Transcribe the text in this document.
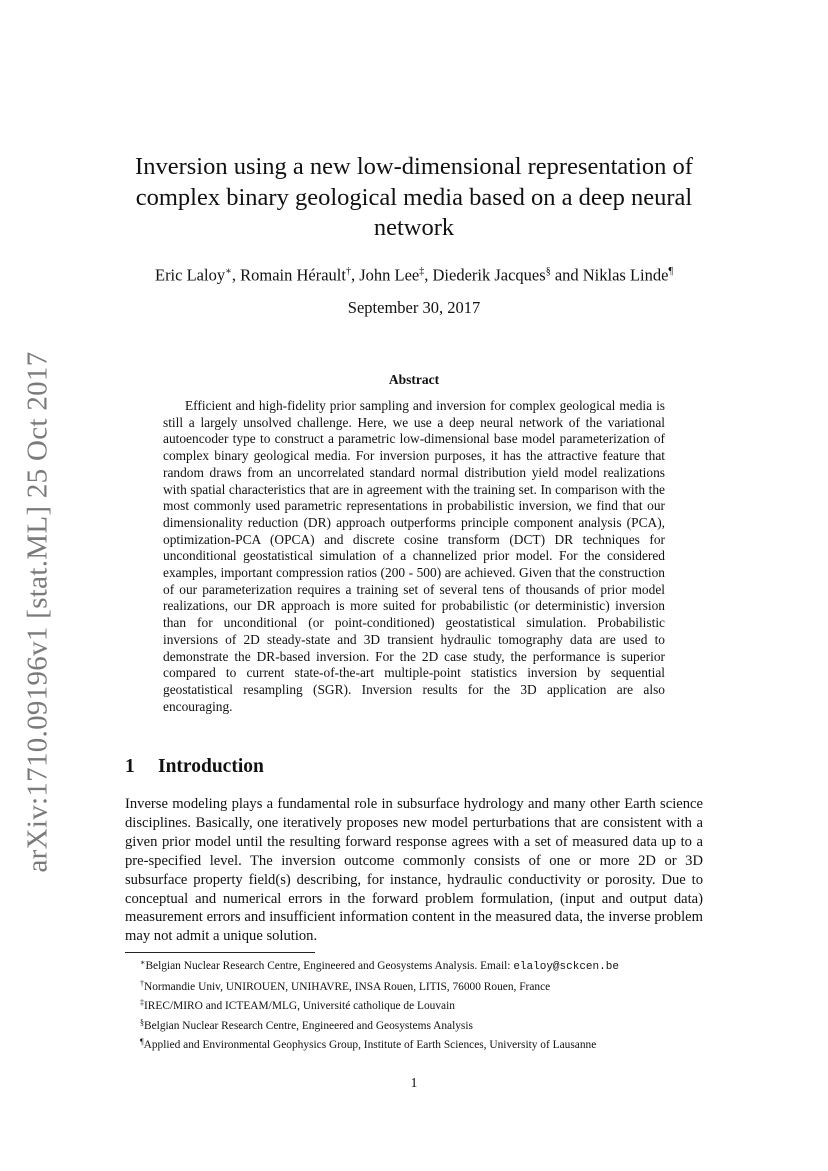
arXiv:1710.09196v1 [stat.ML] 25 Oct 2017
Inversion using a new low-dimensional representation of
complex binary geological media based on a deep neural
network
Eric Laloy∗, Romain Hérault†, John Lee‡, Diederik Jacques§ and Niklas Linde¶
September 30, 2017
Abstract

Efficient and high-fidelity prior sampling and inversion for complex geological media is still a largely unsolved challenge. Here, we use a deep neural network of the variational autoencoder type to construct a parametric low-dimensional base model parameterization of complex binary geological media. For inversion purposes, it has the attractive feature that random draws from an uncorrelated standard normal distribution yield model realizations with spatial characteristics that are in agreement with the training set. In comparison with the most commonly used parametric representations in probabilistic inversion, we find that our dimensionality reduction (DR) approach outperforms principle component analysis (PCA), optimization-PCA (OPCA) and discrete cosine transform (DCT) DR techniques for unconditional geostatistical simulation of a channelized prior model. For the considered examples, important compression ratios (200 - 500) are achieved. Given that the construction of our parameterization requires a training set of several tens of thousands of prior model realizations, our DR approach is more suited for probabilistic (or deterministic) inversion than for unconditional (or point-conditioned) geostatistical simulation. Probabilistic inversions of 2D steady-state and 3D transient hydraulic tomography data are used to demonstrate the DR-based inversion. For the 2D case study, the performance is superior compared to current state-of-the-art multiple-point statistics inversion by sequential geostatistical resampling (SGR). Inversion results for the 3D application are also encouraging.

1 Introduction

Inverse modeling plays a fundamental role in subsurface hydrology and many other Earth science disciplines. Basically, one iteratively proposes new model perturbations that are consistent with a given prior model until the resulting forward response agrees with a set of measured data up to a pre-specified level. The inversion outcome commonly consists of one or more 2D or 3D subsurface property field(s) describing, for instance, hydraulic conductivity or porosity. Due to conceptual and numerical errors in the forward problem formulation, (input and output data) measurement errors and insufficient information content in the measured data, the inverse problem may not admit a unique solution.

∗Belgian Nuclear Research Centre, Engineered and Geosystems Analysis. Email: elaloy@sckcen.be
†Normandie Univ, UNIROUEN, UNIHAVRE, INSA Rouen, LITIS, 76000 Rouen, France
‡IREC/MIRO and ICTEAM/MLG, Université catholique de Louvain
§Belgian Nuclear Research Centre, Engineered and Geosystems Analysis
¶Applied and Environmental Geophysics Group, Institute of Earth Sciences, University of Lausanne
1
